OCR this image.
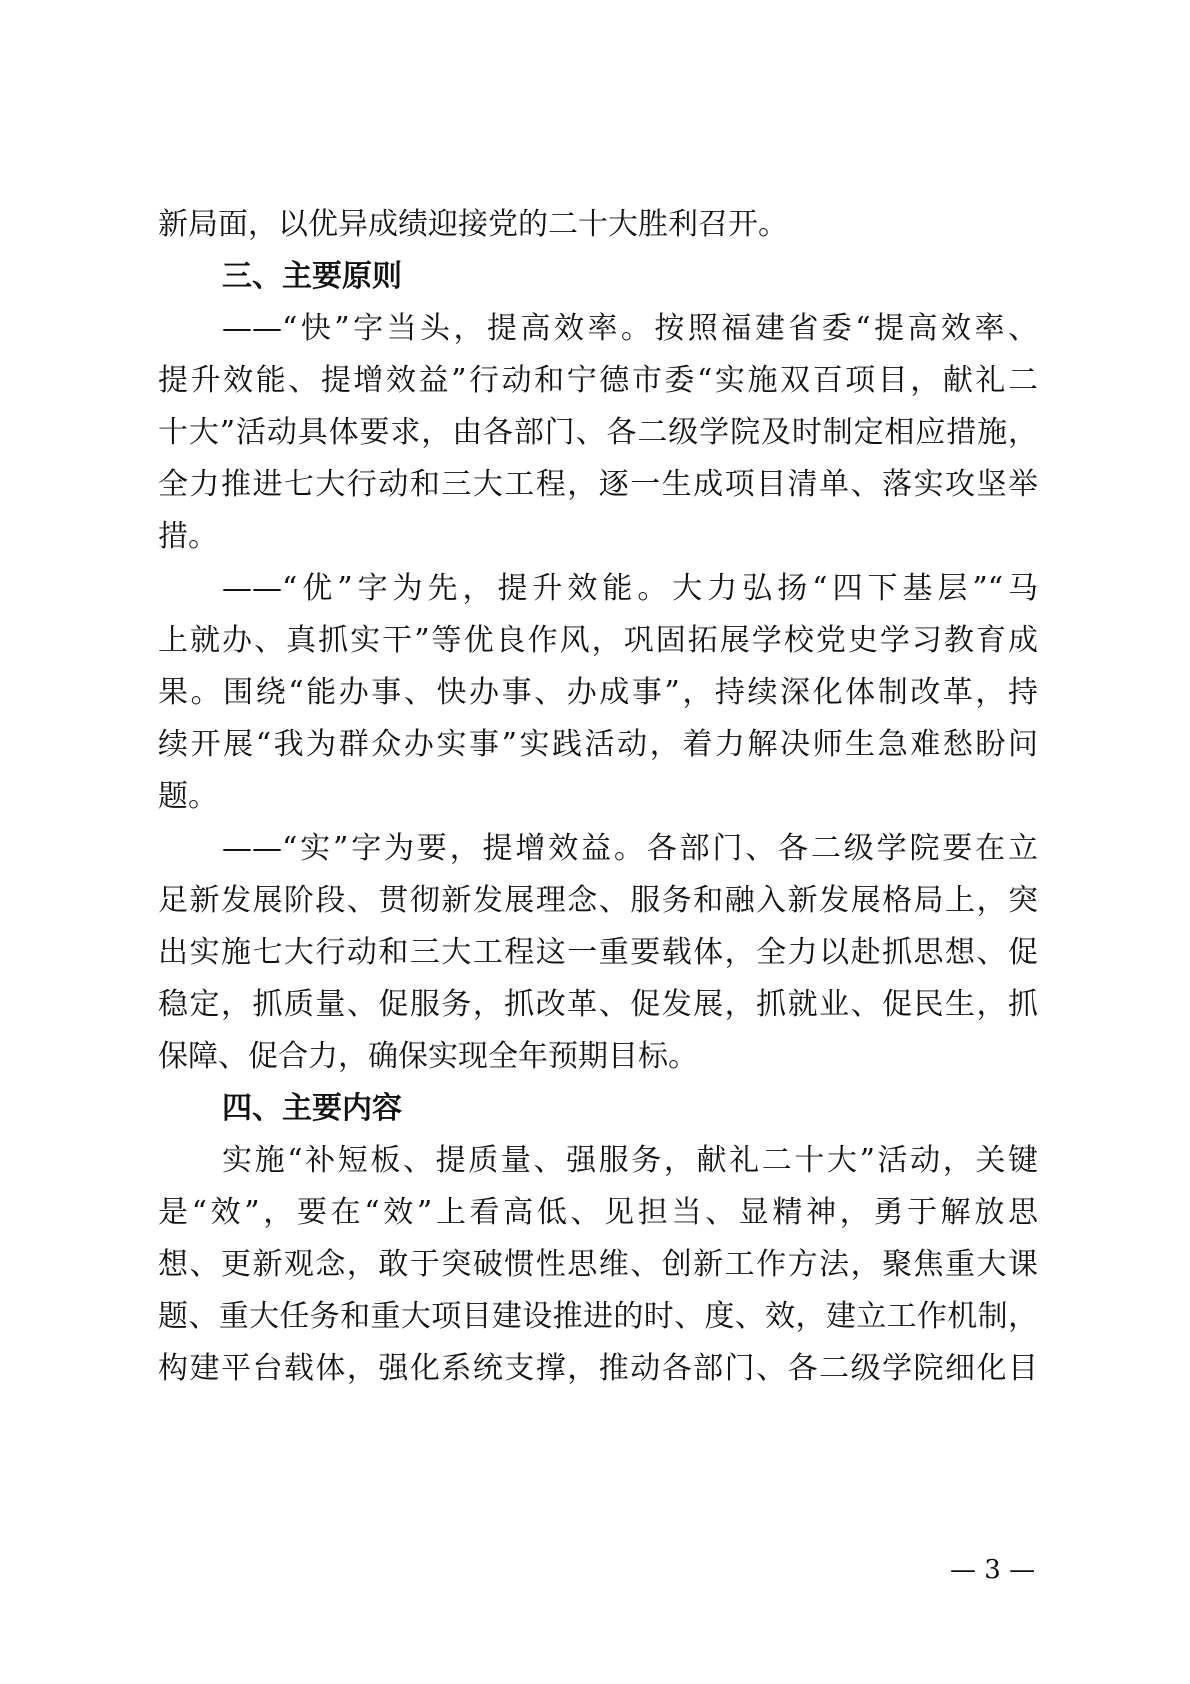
新局面，以优异成绩迎接党的二十大胜利召开。
三、主要原则
——“快”字当头，提高效率。按照福建省委“提高效率、
提升效能、提增效益”行动和宁德市委“实施双百项目，献礼二
十大”活动具体要求，由各部门、各二级学院及时制定相应措施，
全力推进七大行动和三大工程，逐一生成项目清单、落实攻坚举
措。
——“优”字为先，提升效能。大力弘扬“四下基层”“马
上就办、真抓实干”等优良作风，巩固拓展学校党史学习教育成
果。围绕“能办事、快办事、办成事”，持续深化体制改革，持
续开展“我为群众办实事”实践活动，着力解决师生急难愁盼问
题。
——“实”字为要，提增效益。各部门、各二级学院要在立
足新发展阶段、贯彻新发展理念、服务和融入新发展格局上，突
出实施七大行动和三大工程这一重要载体，全力以赴抓思想、促
稳定，抓质量、促服务，抓改革、促发展，抓就业、促民生，抓
保障、促合力，确保实现全年预期目标。
四、主要内容
实施“补短板、提质量、强服务，献礼二十大”活动，关键
是“效”，要在“效”上看高低、见担当、显精神，勇于解放思
想、更新观念，敢于突破惯性思维、创新工作方法，聚焦重大课
题、重大任务和重大项目建设推进的时、度、效，建立工作机制，
构建平台载体，强化系统支撑，推动各部门、各二级学院细化目
— 3 —
